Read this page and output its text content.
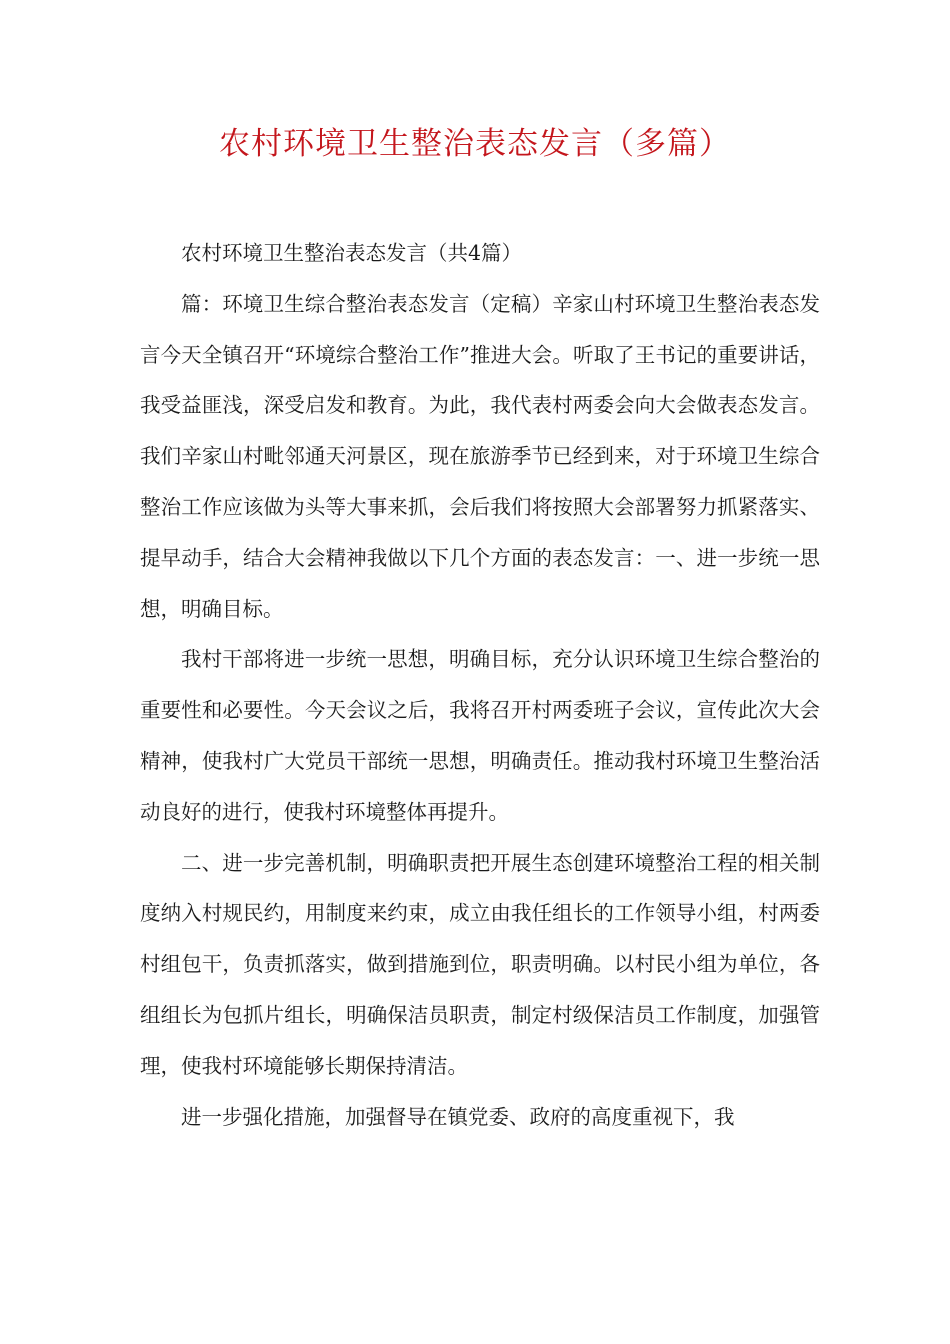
农村环境卫生整治表态发言（多篇）

农村环境卫生整治表态发言（共4篇）

篇：环境卫生综合整治表态发言（定稿）辛家山村环境卫生整治表态发言今天全镇召开“环境综合整治工作”推进大会。听取了王书记的重要讲话，我受益匪浅，深受启发和教育。为此，我代表村两委会向大会做表态发言。我们辛家山村毗邻通天河景区，现在旅游季节已经到来，对于环境卫生综合整治工作应该做为头等大事来抓，会后我们将按照大会部署努力抓紧落实、提早动手，结合大会精神我做以下几个方面的表态发言：一、进一步统一思想，明确目标。

我村干部将进一步统一思想，明确目标，充分认识环境卫生综合整治的重要性和必要性。今天会议之后，我将召开村两委班子会议，宣传此次大会精神，使我村广大党员干部统一思想，明确责任。推动我村环境卫生整治活动良好的进行，使我村环境整体再提升。

二、进一步完善机制，明确职责把开展生态创建环境整治工程的相关制度纳入村规民约，用制度来约束，成立由我任组长的工作领导小组，村两委村组包干，负责抓落实，做到措施到位，职责明确。以村民小组为单位，各组组长为包抓片组长，明确保洁员职责，制定村级保洁员工作制度，加强管理，使我村环境能够长期保持清洁。

进一步强化措施，加强督导在镇党委、政府的高度重视下，我
